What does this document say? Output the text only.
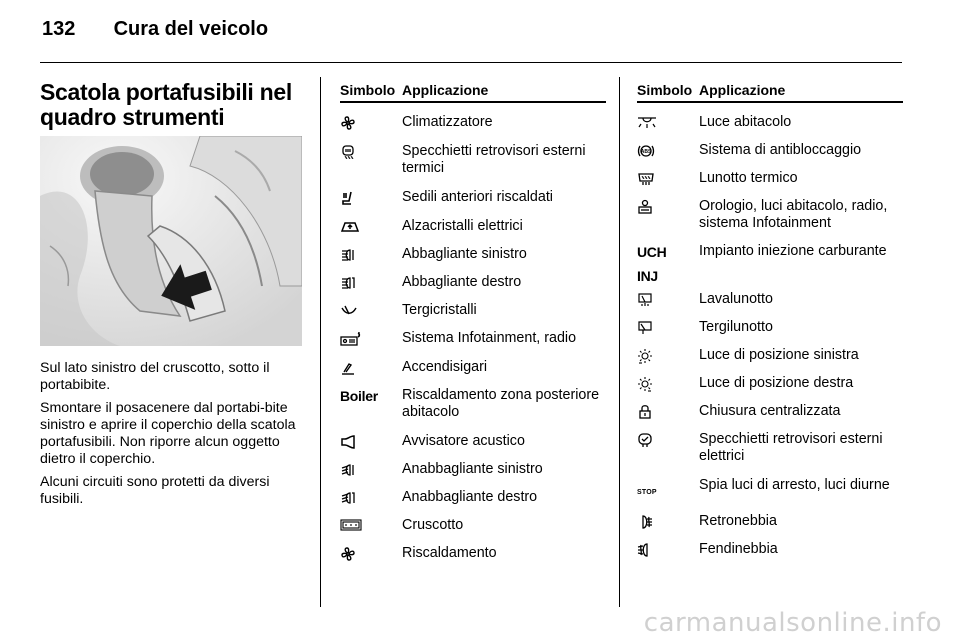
132 Cura del veicolo
Scatola portafusibili nel quadro strumenti

Sul lato sinistro del cruscotto, sotto il portabibite.

Smontare il posacenere dal portabi-bite sinistro e aprire il coperchio della scatola portafusibili. Non riporre alcun oggetto dietro il coperchio.

Alcuni circuiti sono protetti da diversi fusibili.

Simbolo Applicazione
Climatizzatore
Specchietti retrovisori esterni termici
Sedili anteriori riscaldati
Alzacristalli elettrici
Abbagliante sinistro
Abbagliante destro
Tergicristalli
Sistema Infotainment, radio
Accendisigari
Boiler Riscaldamento zona posteriore abitacolo
Avvisatore acustico
Anabbagliante sinistro
Anabbagliante destro
Cruscotto
Riscaldamento
Simbolo Applicazione
Luce abitacolo
ABS	Sistema di antibloccaggio
Lunotto termico
Orologio, luci abitacolo, radio, sistema Infotainment
UCH
INJ
Impianto iniezione carburante
Lavalunotto
Tergilunotto
Luce di posizione sinistra
Luce di posizione destra
Chiusura centralizzata
Specchietti retrovisori esterni elettrici
STOP	Spia luci di arresto, luci diurne
Retronebbia
Fendinebbia
carmanualsonline.info
